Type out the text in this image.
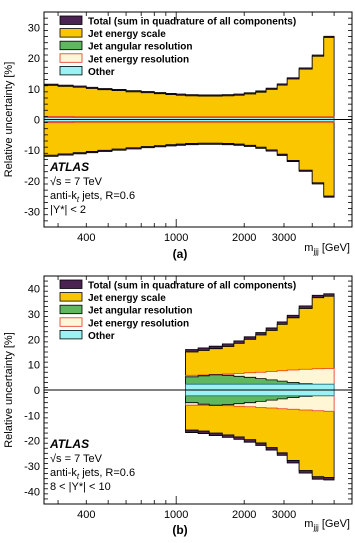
-30
-20
-10
0
10
20
30
400	1000	2000 3000
Relative uncertainty [%]
$m_{jjj}$ [GeV]
(a)
Total (sum in quadrature of all components)
Jet energy scale
Jet angular resolution
Jet energy resolution
Other
ATLAS
√s = 7 TeV
anti-$k_t$ jets, R=0.6
|Y*| < 2
-40
-30
-20
-10
0
10
20
30
40
400	1000	2000 3000
Relative uncertainty [%]
$m_{jjj}$ [GeV]
(b)
Total (sum in quadrature of all components)
Jet energy scale
Jet angular resolution
Jet energy resolution
Other
ATLAS
√s = 7 TeV
anti-$k_t$ jets, R=0.6
8 < |Y*| < 10
